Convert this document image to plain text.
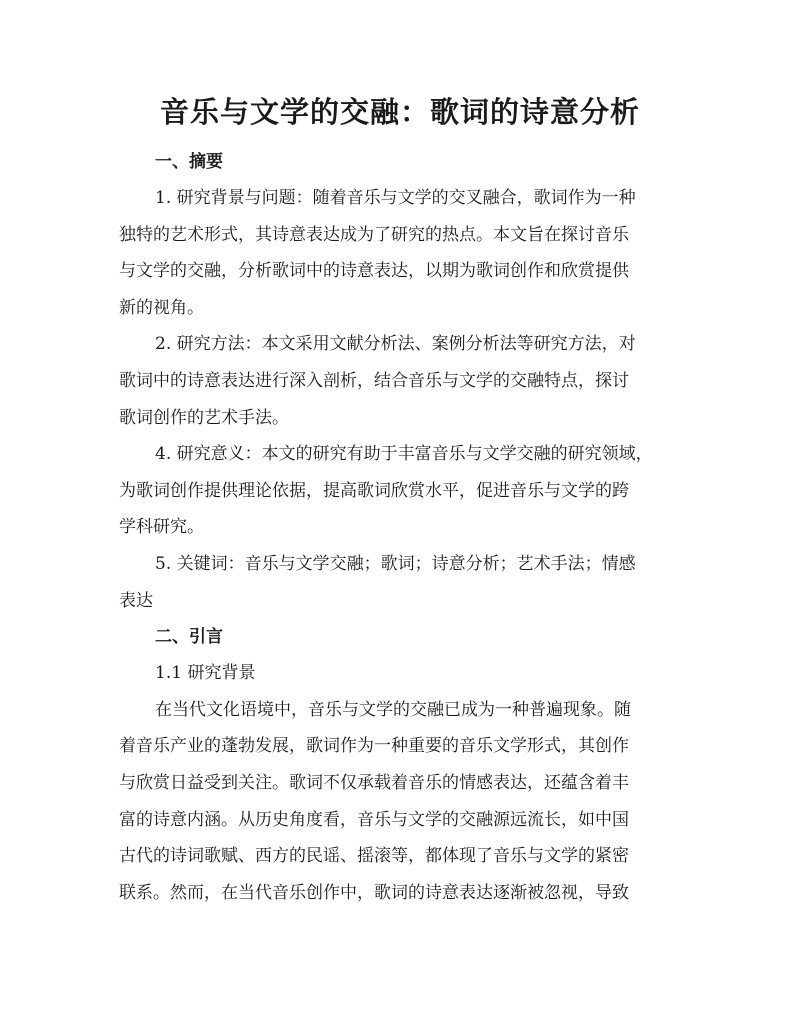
音乐与文学的交融：歌词的诗意分析
一、摘要

1. 研究背景与问题：随着音乐与文学的交叉融合，歌词作为一种
独特的艺术形式，其诗意表达成为了研究的热点。本文旨在探讨音乐
与文学的交融，分析歌词中的诗意表达，以期为歌词创作和欣赏提供
新的视角。

2. 研究方法：本文采用文献分析法、案例分析法等研究方法，对
歌词中的诗意表达进行深入剖析，结合音乐与文学的交融特点，探讨
歌词创作的艺术手法。

4. 研究意义：本文的研究有助于丰富音乐与文学交融的研究领域，
为歌词创作提供理论依据，提高歌词欣赏水平，促进音乐与文学的跨
学科研究。

5. 关键词：音乐与文学交融；歌词；诗意分析；艺术手法；情感
表达

二、引言
1.1 研究背景

在当代文化语境中，音乐与文学的交融已成为一种普遍现象。随
着音乐产业的蓬勃发展，歌词作为一种重要的音乐文学形式，其创作
与欣赏日益受到关注。歌词不仅承载着音乐的情感表达，还蕴含着丰
富的诗意内涵。从历史角度看，音乐与文学的交融源远流长，如中国
古代的诗词歌赋、西方的民谣、摇滚等，都体现了音乐与文学的紧密
联系。然而，在当代音乐创作中，歌词的诗意表达逐渐被忽视，导致
